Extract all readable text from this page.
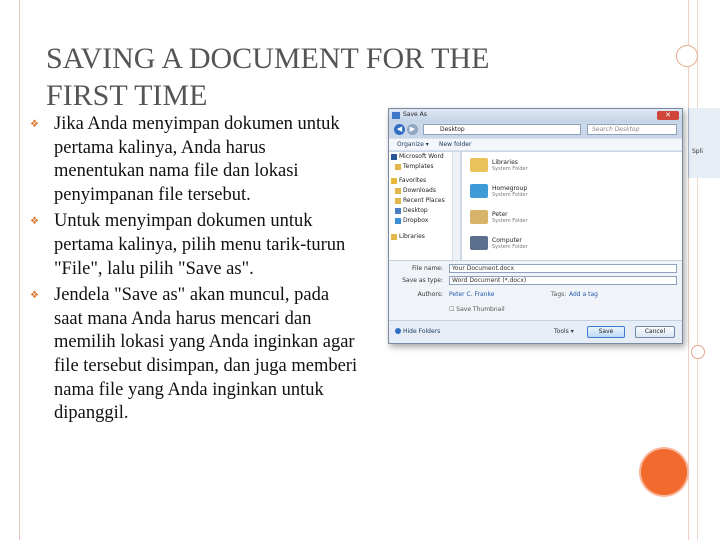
SAVING A DOCUMENT FOR THE FIRST TIME
❖ Jika Anda menyimpan dokumen untuk pertama kalinya, Anda harus menentukan nama file dan lokasi penyimpanan file tersebut.
❖ Untuk menyimpan dokumen untuk pertama kalinya, pilih menu tarik-turun "File", lalu pilih "Save as".
❖ Jendela "Save as" akan muncul, pada saat mana Anda harus mencari dan memilih lokasi yang Anda inginkan agar file tersebut disimpan, dan juga memberi nama file yang Anda inginkan untuk dipanggil.
Spli
Save As	✕
◀	▶	Desktop	Search Desktop
Organize ▾ New folder
Microsoft Word
Templates
Favorites
Downloads
Recent Places
Desktop
Dropbox
Libraries
Libraries
System Folder
Homegroup
System Folder
Peter
System Folder
Computer
System Folder
File name:	Your Document.docx
Save as type:	Word Document (*.docx)
Authors: Peter C. Franke	Tags: Add a tag
☐ Save Thumbnail
Hide Folders	Tools ▾	Save	Cancel
